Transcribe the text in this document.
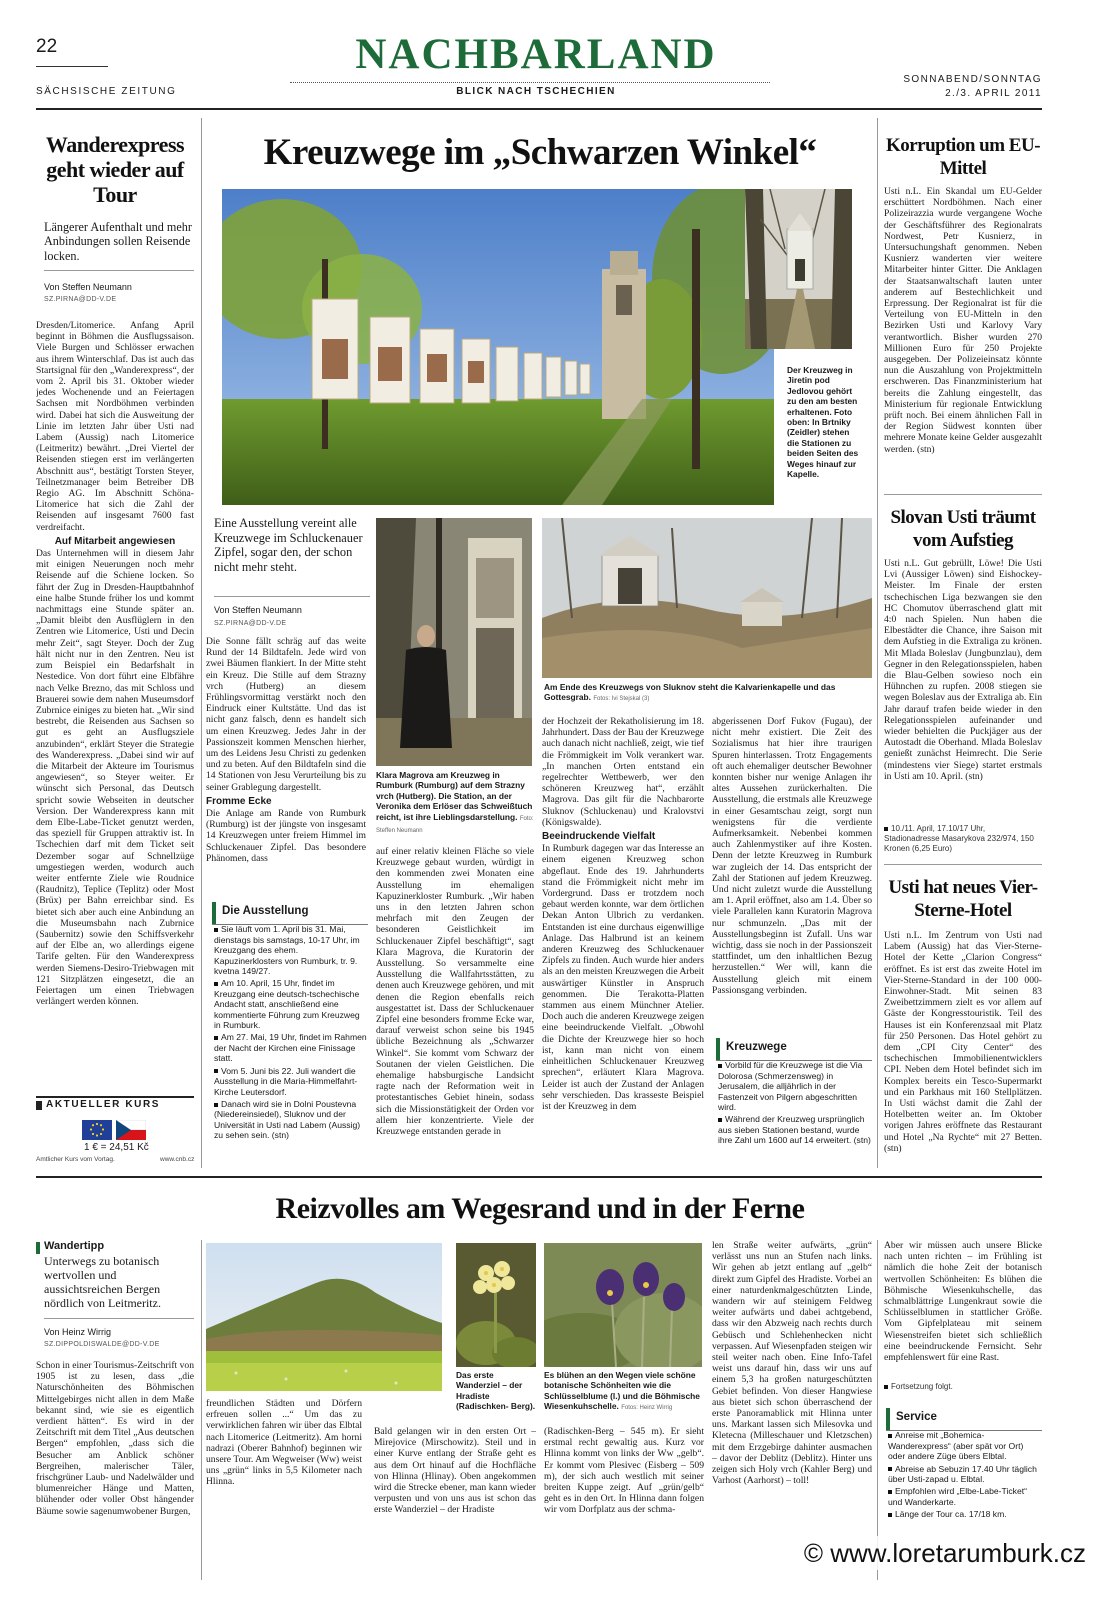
22
SÄCHSISCHE ZEITUNG
NACHBARLAND
BLICK NACH TSCHECHIEN
SONNABEND/SONNTAG
2./3. APRIL 2011
Wanderexpress geht wieder auf Tour
Längerer Aufenthalt und mehr Anbindungen sollen Reisende locken.
Von Steffen Neumann
SZ.PIRNA@DD-V.DE

Dresden/Litomerice. Anfang April beginnt in Böhmen die Ausflugssaison. Viele Burgen und Schlösser erwachen aus ihrem Winterschlaf. Das ist auch das Startsignal für den „Wanderexpress“, der vom 2. April bis 31. Oktober wieder jedes Wochenende und an Feiertagen Sachsen mit Nordböhmen verbinden wird. Dabei hat sich die Ausweitung der Linie im letzten Jahr über Usti nad Labem (Aussig) nach Litomerice (Leitmeritz) bewährt. „Drei Viertel der Reisenden stiegen erst im verlängerten Abschnitt aus“, bestätigt Torsten Steyer, Teilnetzmanager beim Betreiber DB Regio AG. Im Abschnitt Schöna-Litomerice hat sich die Zahl der Reisenden auf insgesamt 7600 fast verdreifacht.

Auf Mitarbeit angewiesen

Das Unternehmen will in diesem Jahr mit einigen Neuerungen noch mehr Reisende auf die Schiene locken. So fährt der Zug in Dresden-Hauptbahnhof eine halbe Stunde früher los und kommt nachmittags eine Stunde später an. „Damit bleibt den Ausflüglern in den Zentren wie Litomerice, Usti und Decin mehr Zeit“, sagt Steyer. Doch der Zug hält nicht nur in den Zentren. Neu ist zum Beispiel ein Bedarfshalt in Nestedice. Von dort führt eine Elbfähre nach Velke Brezno, das mit Schloss und Brauerei sowie dem nahen Museumsdorf Zubrnice einiges zu bieten hat. „Wir sind bestrebt, die Reisenden aus Sachsen so gut es geht an Ausflugsziele anzubinden“, erklärt Steyer die Strategie des Wanderexpress. „Dabei sind wir auf die Mitarbeit der Akteure im Tourismus angewiesen“, so Steyer weiter. Er wünscht sich Personal, das Deutsch spricht sowie Webseiten in deutscher Version. Der Wanderexpress kann mit dem Elbe-Labe-Ticket genutzt werden, das speziell für Gruppen attraktiv ist. In Tschechien darf mit dem Ticket seit Dezember sogar auf Schnellzüge umgestiegen werden, wodurch auch weiter entfernte Ziele wie Roudnice (Raudnitz), Teplice (Teplitz) oder Most (Brüx) per Bahn erreichbar sind. Es bietet sich aber auch eine Anbindung an die Museumsbahn nach Zubrnice (Saubernitz) sowie den Schiffsverkehr auf der Elbe an, wo allerdings eigene Tarife gelten. Für den Wanderexpress werden Siemens-Desiro-Triebwagen mit 121 Sitzplätzen eingesetzt, die an Feiertagen um einen Triebwagen verlängert werden können.

AKTUELLER KURS
1 € = 24,51 Kč
Amtlicher Kurs vom Vortag.	www.cnb.cz
Kreuzwege im „Schwarzen Winkel“
Der Kreuzweg in Jiretin pod Jedlovou gehört zu den am besten erhaltenen. Foto oben: In Brtniky (Zeidler) stehen die Stationen zu beiden Seiten des Weges hinauf zur Kapelle.
Eine Ausstellung vereint alle Kreuzwege im Schluckenauer Zipfel, sogar den, der schon nicht mehr steht.
Von Steffen Neumann
SZ.PIRNA@DD-V.DE
Klara Magrova am Kreuzweg in Rumburk (Rumburg) auf dem Strazny vrch (Hutberg). Die Station, an der Veronika dem Erlöser das Schweißtuch reicht, ist ihre Lieblingsdarstellung. Foto: Steffen Neumann
Am Ende des Kreuzwegs von Sluknov steht die Kalvarienkapelle und das Gottesgrab. Fotos: Ivi Stejskal (3)

Die Sonne fällt schräg auf das weite Rund der 14 Bildtafeln. Jede wird von zwei Bäumen flankiert. In der Mitte steht ein Kreuz. Die Stille auf dem Strazny vrch (Hutberg) an diesem Frühlingsvormittag verstärkt noch den Eindruck einer Kultstätte. Und das ist nicht ganz falsch, denn es handelt sich um einen Kreuzweg. Jedes Jahr in der Passionszeit kommen Menschen hierher, um des Leidens Jesu Christi zu gedenken und zu beten. Auf den Bildtafeln sind die 14 Stationen von Jesu Verurteilung bis zu seiner Grablegung dargestellt.

Fromme Ecke

Die Anlage am Rande von Rumburk (Rumburg) ist der jüngste von insgesamt 14 Kreuzwegen unter freiem Himmel im Schluckenauer Zipfel. Das besondere Phänomen, dass

Die Ausstellung
Sie läuft vom 1. April bis 31. Mai, dienstags bis samstags, 10-17 Uhr, im Kreuzgang des ehem. Kapuzinerklosters von Rumburk, tr. 9. kvetna 149/27.
Am 10. April, 15 Uhr, findet im Kreuzgang eine deutsch-tschechische Andacht statt, anschließend eine kommentierte Führung zum Kreuzweg in Rumburk.
Am 27. Mai, 19 Uhr, findet im Rahmen der Nacht der Kirchen eine Finissage statt.
Vom 5. Juni bis 22. Juli wandert die Ausstellung in die Maria-Himmelfahrt-Kirche Leutersdorf.
Danach wird sie in Dolni Poustevna (Niedereinsiedel), Sluknov und der Universität in Usti nad Labem (Aussig) zu sehen sein. (stn)
auf einer relativ kleinen Fläche so viele Kreuzwege gebaut wurden, würdigt in den kommenden zwei Monaten eine Ausstellung im ehemaligen Kapuzinerkloster Rumburk. „Wir haben uns in den letzten Jahren schon mehrfach mit den Zeugen der besonderen Geistlichkeit im Schluckenauer Zipfel beschäftigt“, sagt Klara Magrova, die Kuratorin der Ausstellung. So versammelte eine Ausstellung die Wallfahrtsstätten, zu denen auch Kreuzwege gehören, und mit denen die Region ebenfalls reich ausgestattet ist. Dass der Schluckenauer Zipfel eine besonders fromme Ecke war, darauf verweist schon seine bis 1945 übliche Bezeichnung als „Schwarzer Winkel“. Sie kommt vom Schwarz der Soutanen der vielen Geistlichen. Die ehemalige habsburgische Landsicht ragte nach der Reformation weit in protestantisches Gebiet hinein, sodass sich die Missionstätigkeit der Orden vor allem hier konzentrierte. Viele der Kreuzwege entstanden gerade in

der Hochzeit der Rekatholisierung im 18. Jahrhundert. Dass der Bau der Kreuzwege auch danach nicht nachließ, zeigt, wie tief die Frömmigkeit im Volk verankert war. „In manchen Orten entstand ein regelrechter Wettbewerb, wer den schöneren Kreuzweg hat“, erzählt Magrova. Das gilt für die Nachbarorte Sluknov (Schluckenau) und Kralovstvi (Königswalde).

Beeindruckende Vielfalt

In Rumburk dagegen war das Interesse an einem eigenen Kreuzweg schon abgeflaut. Ende des 19. Jahrhunderts stand die Frömmigkeit nicht mehr im Vordergrund. Dass er trotzdem noch gebaut werden konnte, war dem örtlichen Dekan Anton Ulbrich zu verdanken. Entstanden ist eine durchaus eigenwillige Anlage. Das Halbrund ist an keinem anderen Kreuzweg des Schluckenauer Zipfels zu finden. Auch wurde hier anders als an den meisten Kreuzwegen die Arbeit auswärtiger Künstler in Anspruch genommen. Die Terakotta-Platten stammen aus einem Münchner Atelier. Doch auch die anderen Kreuzwege zeigen eine beeindruckende Vielfalt. „Obwohl die Dichte der Kreuzwege hier so hoch ist, kann man nicht von einem einheitlichen Schluckenauer Kreuzweg sprechen“, erläutert Klara Magrova. Leider ist auch der Zustand der Anlagen sehr verschieden. Das krasseste Beispiel ist der Kreuzweg in dem

abgerissenen Dorf Fukov (Fugau), der nicht mehr existiert. Die Zeit des Sozialismus hat hier ihre traurigen Spuren hinterlassen. Trotz Engagements oft auch ehemaliger deutscher Bewohner konnten bisher nur wenige Anlagen ihr altes Aussehen zurückerhalten. Die Ausstellung, die erstmals alle Kreuzwege in einer Gesamtschau zeigt, sorgt nun wenigstens für die verdiente Aufmerksamkeit. Nebenbei kommen auch Zahlenmystiker auf ihre Kosten. Denn der letzte Kreuzweg in Rumburk war zugleich der 14. Das entspricht der Zahl der Stationen auf jedem Kreuzweg. Und nicht zuletzt wurde die Ausstellung am 1. April eröffnet, also am 1.4. Über so viele Parallelen kann Kuratorin Magrova nur schmunzeln. „Das mit der Ausstellungsbeginn ist Zufall. Uns war wichtig, dass sie noch in der Passionszeit stattfindet, um den inhaltlichen Bezug herzustellen.“ Wer will, kann die Ausstellung gleich mit einem Passionsgang verbinden.
Kreuzwege
Vorbild für die Kreuzwege ist die Via Dolorosa (Schmerzensweg) in Jerusalem, die alljährlich in der Fastenzeit von Pilgern abgeschritten wird.
Während der Kreuzweg ursprünglich aus sieben Stationen bestand, wurde ihre Zahl um 1600 auf 14 erweitert. (stn)
Korruption um EU-Mittel
Usti n.L. Ein Skandal um EU-Gelder erschüttert Nordböhmen. Nach einer Polizeirazzia wurde vergangene Woche der Geschäftsführer des Regionalrats Nordwest, Petr Kusnierz, in Untersuchungshaft genommen. Neben Kusnierz wanderten vier weitere Mitarbeiter hinter Gitter. Die Anklagen der Staatsanwaltschaft lauten unter anderem auf Bestechlichkeit und Erpressung. Der Regionalrat ist für die Verteilung von EU-Mitteln in den Bezirken Usti und Karlovy Vary verantwortlich. Bisher wurden 270 Millionen Euro für 250 Projekte ausgegeben. Der Polizeieinsatz könnte nun die Auszahlung von Projektmitteln erschweren. Das Finanzministerium hat bereits die Zahlung eingestellt, das Ministerium für regionale Entwicklung prüft noch. Bei einem ähnlichen Fall in der Region Südwest konnten über mehrere Monate keine Gelder ausgezahlt werden. (stn)
Slovan Usti träumt vom Aufstieg
Usti n.L. Gut gebrüllt, Löwe! Die Usti Lvi (Aussiger Löwen) sind Eishockey-Meister. Im Finale der ersten tschechischen Liga bezwangen sie den HC Chomutov überraschend glatt mit 4:0 nach Spielen. Nun haben die Elbestädter die Chance, ihre Saison mit dem Aufstieg in die Extraliga zu krönen. Mit Mlada Boleslav (Jungbunzlau), dem Gegner in den Relegationsspielen, haben die Blau-Gelben sowieso noch ein Hühnchen zu rupfen. 2008 stiegen sie wegen Boleslav aus der Extraliga ab. Ein Jahr darauf trafen beide wieder in den Relegationsspielen aufeinander und wieder behielten die Puckjäger aus der Autostadt die Oberhand. Mlada Boleslav genießt zunächst Heimrecht. Die Serie (mindestens vier Siege) startet erstmals in Usti am 10. April. (stn)
10./11. April, 17.10/17 Uhr, Stadionadresse Masarykova 232/974, 150 Kronen (6,25 Euro)
Usti hat neues Vier-Sterne-Hotel
Usti n.L. Im Zentrum von Usti nad Labem (Aussig) hat das Vier-Sterne-Hotel der Kette „Clarion Congress“ eröffnet. Es ist erst das zweite Hotel im Vier-Sterne-Standard in der 100 000-Einwohner-Stadt. Mit seinen 83 Zweibettzimmern zielt es vor allem auf Gäste der Kongresstouristik. Teil des Hauses ist ein Konferenzsaal mit Platz für 250 Personen. Das Hotel gehört zu dem „CPI City Center“ des tschechischen Immobilienentwicklers CPI. Neben dem Hotel befindet sich im Komplex bereits ein Tesco-Supermarkt und ein Parkhaus mit 160 Stellplätzen. In Usti wächst damit die Zahl der Hotelbetten weiter an. Im Oktober vorigen Jahres eröffnete das Restaurant und Hotel „Na Rychte“ mit 27 Betten. (stn)
Reizvolles am Wegesrand und in der Ferne
Wandertipp
Unterwegs zu botanisch wertvollen und aussichtsreichen Bergen nördlich von Leitmeritz.
Von Heinz Wirrig
SZ.DIPPOLDISWALDE@DD-V.DE
Schon in einer Tourismus-Zeitschrift von 1905 ist zu lesen, dass „die Naturschönheiten des Böhmischen Mittelgebirges nicht allen in dem Maße bekannt sind, wie sie es eigentlich verdient hätten“. Es wird in der Zeitschrift mit dem Titel „Aus deutschen Bergen“ empfohlen, „dass sich die Besucher am Anblick schöner Bergreihen, malerischer Täler, frischgrüner Laub- und Nadelwälder und blumenreicher Hänge und Matten, blühender oder voller Obst hängender Bäume sowie sagenumwobener Burgen,
freundlichen Städten und Dörfern erfreuen sollen ...“ Um das zu verwirklichen fahren wir über das Elbtal nach Litomerice (Leitmeritz). Am horni nadrazi (Oberer Bahnhof) beginnen wir unsere Tour. Am Wegweiser (Ww) weist uns „grün“ links in 5,5 Kilometer nach Hlinna.
Das erste Wanderziel – der Hradiste (Radischken- Berg).
Bald gelangen wir in den ersten Ort – Mirejovice (Mirschowitz). Steil und in einer Kurve entlang der Straße geht es aus dem Ort hinauf auf die Hochfläche von Hlinna (Hlinay). Oben angekommen wird die Strecke ebener, man kann wieder verpusten und von uns aus ist schon das erste Wanderziel – der Hradiste
Es blühen an den Wegen viele schöne botanische Schönheiten wie die Schlüsselblume (l.) und die Böhmische Wiesenkuhschelle. Fotos: Heinz Wirrig
(Radischken-Berg – 545 m). Er sieht erstmal recht gewaltig aus. Kurz vor Hlinna kommt von links der Ww „gelb“. Er kommt vom Plesivec (Eisberg – 509 m), der sich auch westlich mit seiner breiten Kuppe zeigt. Auf „grün/gelb“ geht es in den Ort. In Hlinna dann folgen wir vom Dorfplatz aus der schma-
len Straße weiter aufwärts, „grün“ verlässt uns nun an Stufen nach links. Wir gehen ab jetzt entlang auf „gelb“ direkt zum Gipfel des Hradiste. Vorbei an einer naturdenkmalgeschützten Linde, wandern wir auf steinigem Feldweg weiter aufwärts und dabei achtgebend, dass wir den Abzweig nach rechts durch Gebüsch und Schlehenhecken nicht verpassen. Auf Wiesenpfaden steigen wir steil weiter nach oben. Eine Info-Tafel weist uns darauf hin, dass wir uns auf einem 5,3 ha großen naturgeschützten Gebiet befinden. Von dieser Hangwiese aus bietet sich schon überraschend der erste Panoramablick mit Hlinna unter uns. Markant lassen sich Milesovka und Kletecna (Milleschauer und Kletzschen) mit dem Erzgebirge dahinter ausmachen – davor der Deblitz (Deblitz). Hinter uns zeigen sich Holy vrch (Kahler Berg) und Varhost (Aarhorst) – toll!
Aber wir müssen auch unsere Blicke nach unten richten – im Frühling ist nämlich die hohe Zeit der botanisch wertvollen Schönheiten: Es blühen die Böhmische Wiesenkuhschelle, das schmalblättrige Lungenkraut sowie die Schlüsselblumen in stattlicher Größe. Vom Gipfelplateau mit seinem Wiesenstreifen bietet sich schließlich eine beeindruckende Fernsicht. Sehr empfehlenswert für eine Rast.
Fortsetzung folgt.
Service
Anreise mit „Bohemica-Wanderexpress“ (aber spät vor Ort) oder andere Züge übers Elbtal.
Abreise ab Sebuzin 17.40 Uhr täglich über Usti-zapad u. Elbtal.
Empfohlen wird „Elbe-Labe-Ticket“ und Wanderkarte.
Länge der Tour ca. 17/18 km.
© www.loretarumburk.cz
